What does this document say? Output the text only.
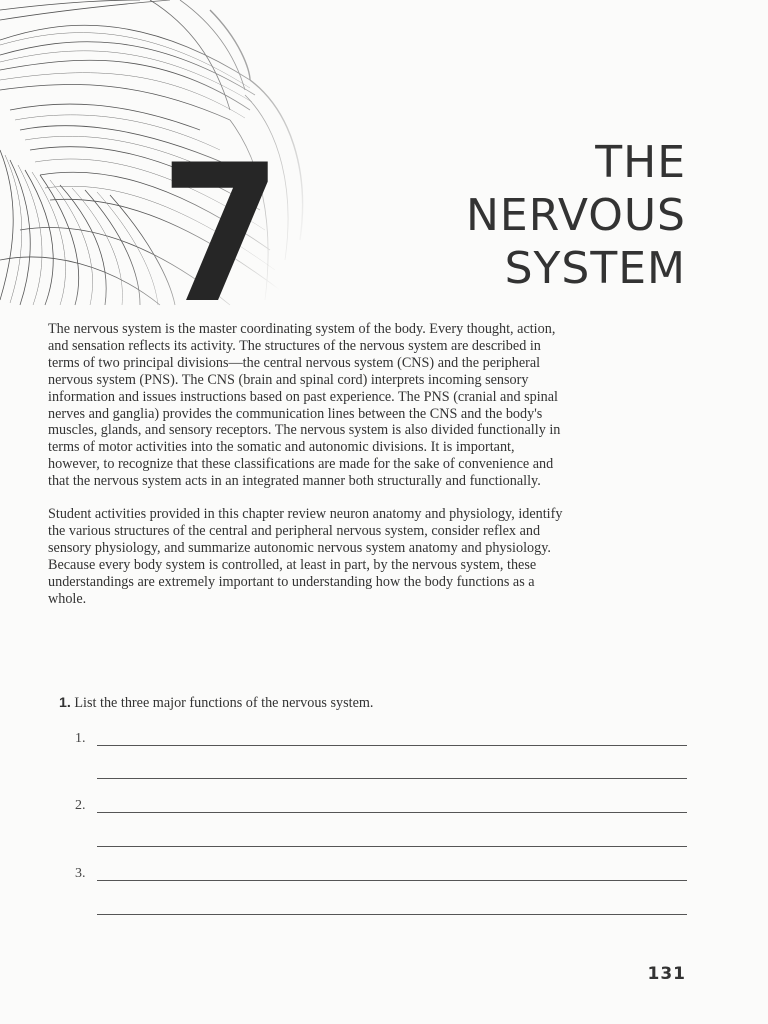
7	THE
NERVOUS
SYSTEM

The nervous system is the master coordinating system of the body. Every thought, action, and sensation reflects its activity. The structures of the nervous system are described in terms of two principal divisions—the central nervous system (CNS) and the peripheral nervous system (PNS). The CNS (brain and spinal cord) interprets incoming sensory information and issues instructions based on past experience. The PNS (cranial and spinal nerves and ganglia) provides the communication lines between the CNS and the body's muscles, glands, and sensory receptors. The nervous system is also divided functionally in terms of motor activities into the somatic and autonomic divisions. It is important, however, to recognize that these classifications are made for the sake of convenience and that the nervous system acts in an integrated manner both structurally and functionally.

Student activities provided in this chapter review neuron anatomy and physiology, identify the various structures of the central and peripheral nervous system, consider reflex and sensory physiology, and summarize autonomic nervous system anatomy and physiology. Because every body system is controlled, at least in part, by the nervous system, these understandings are extremely important to understanding how the body functions as a whole.

1. List the three major functions of the nervous system.
1.
2.
3.
131
